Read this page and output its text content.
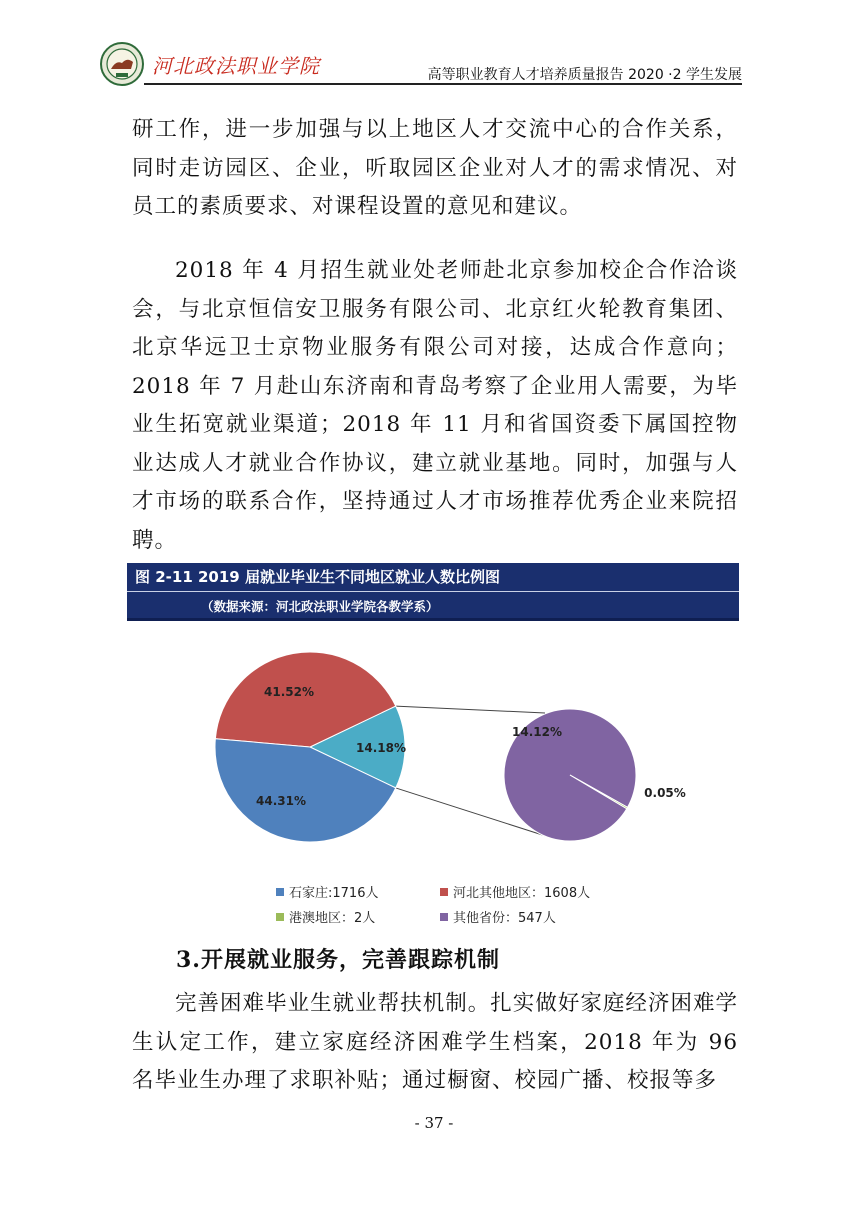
河北政法职业学院	高等职业教育人才培养质量报告 2020 ·2 学生发展

研工作，进一步加强与以上地区人才交流中心的合作关系，同时走访园区、企业，听取园区企业对人才的需求情况、对员工的素质要求、对课程设置的意见和建议。

2018 年 4 月招生就业处老师赴北京参加校企合作洽谈会，与北京恒信安卫服务有限公司、北京红火轮教育集团、北京华远卫士京物业服务有限公司对接，达成合作意向；2018 年 7 月赴山东济南和青岛考察了企业用人需要，为毕业生拓宽就业渠道；2018 年 11 月和省国资委下属国控物业达成人才就业合作协议，建立就业基地。同时，加强与人才市场的联系合作，坚持通过人才市场推荐优秀企业来院招聘。

图 2-11 2019 届就业毕业生不同地区就业人数比例图
（数据来源：河北政法职业学院各教学系）
41.52%
14.18%
44.31%
14.12%
0.05%
石家庄:1716人	河北其他地区：1608人
港澳地区：2人	其他省份：547人
3.开展就业服务，完善跟踪机制

完善困难毕业生就业帮扶机制。扎实做好家庭经济困难学生认定工作，建立家庭经济困难学生档案，2018 年为 96 名毕业生办理了求职补贴；通过橱窗、校园广播、校报等多

- 37 -
